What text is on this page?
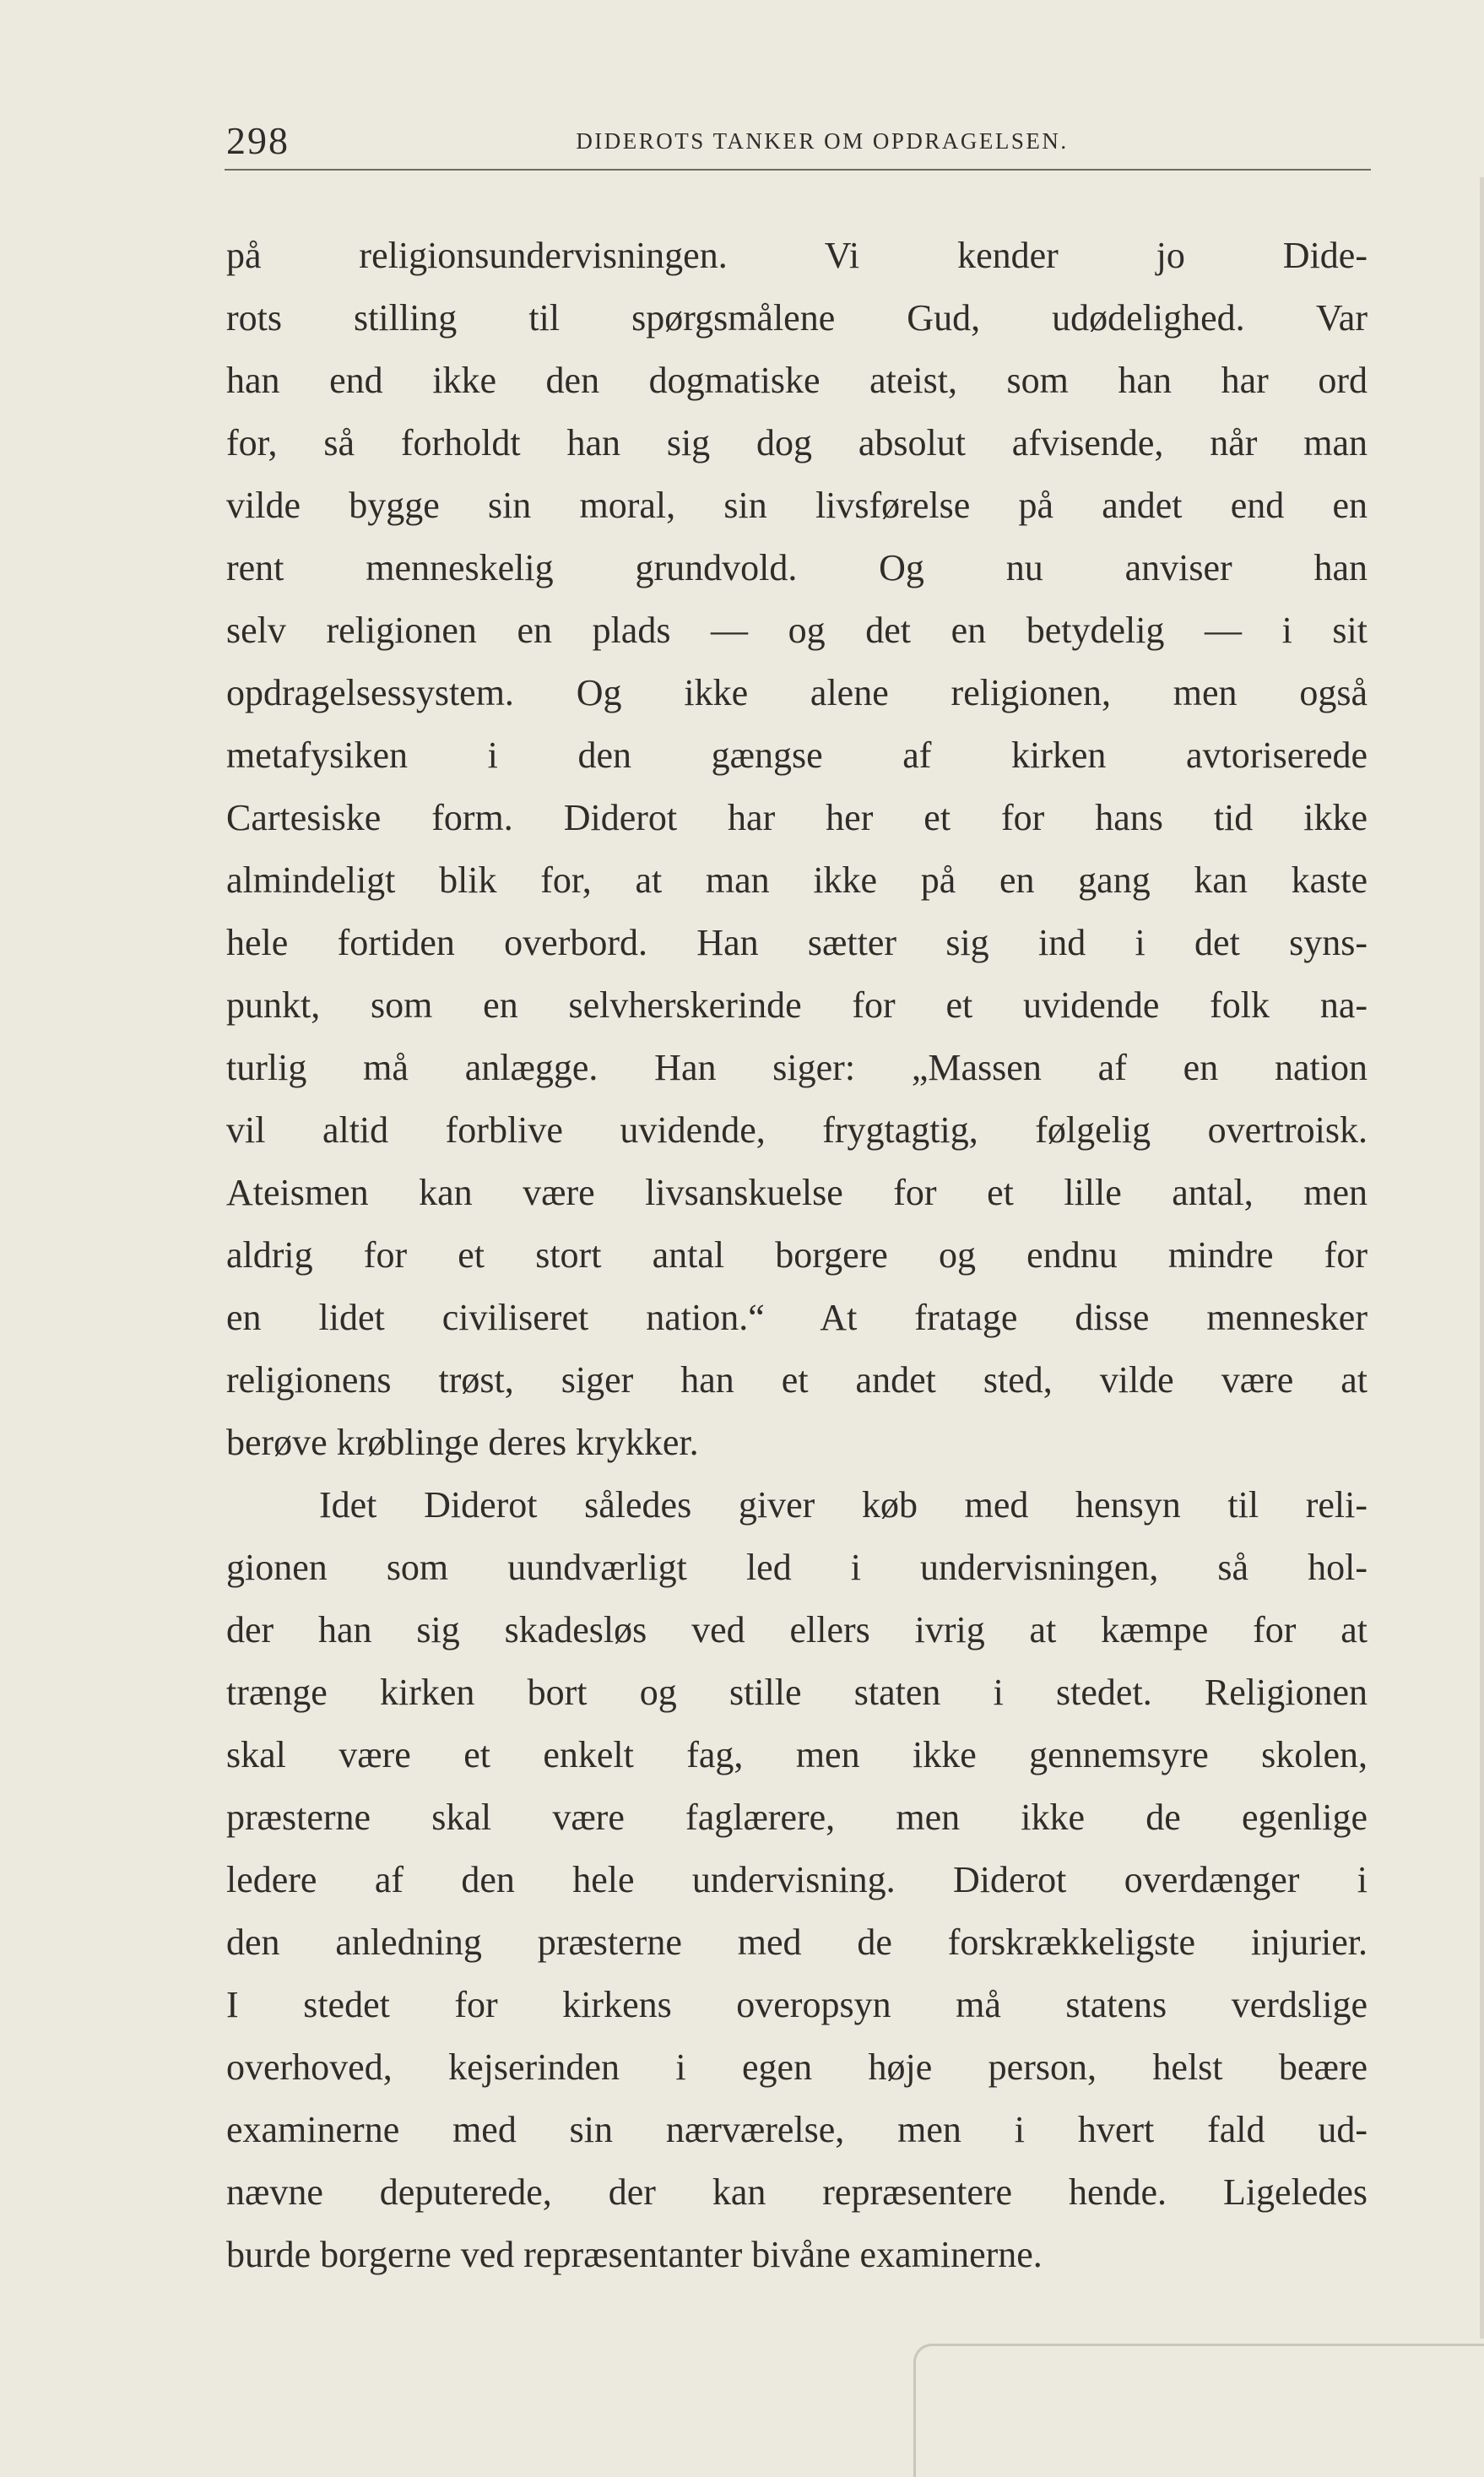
298	DIDEROTS TANKER OM OPDRAGELSEN.
på religionsundervisningen. Vi kender jo Dide-
rots stilling til spørgsmålene Gud, udødelighed. Var
han end ikke den dogmatiske ateist, som han har ord
for, så forholdt han sig dog absolut afvisende, når man
vilde bygge sin moral, sin livsførelse på andet end en
rent menneskelig grundvold. Og nu anviser han
selv religionen en plads — og det en betydelig — i sit
opdragelsessystem. Og ikke alene religionen, men også
metafysiken i den gængse af kirken avtoriserede
Cartesiske form. Diderot har her et for hans tid ikke
almindeligt blik for, at man ikke på en gang kan kaste
hele fortiden overbord. Han sætter sig ind i det syns-
punkt, som en selvherskerinde for et uvidende folk na-
turlig må anlægge. Han siger: „Massen af en nation
vil altid forblive uvidende, frygtagtig, følgelig overtroisk.
Ateismen kan være livsanskuelse for et lille antal, men
aldrig for et stort antal borgere og endnu mindre for
en lidet civiliseret nation.“ At fratage disse mennesker
religionens trøst, siger han et andet sted, vilde være at
berøve krøblinge deres krykker.
Idet Diderot således giver køb med hensyn til reli-
gionen som uundværligt led i undervisningen, så hol-
der han sig skadesløs ved ellers ivrig at kæmpe for at
trænge kirken bort og stille staten i stedet. Religionen
skal være et enkelt fag, men ikke gennemsyre skolen,
præsterne skal være faglærere, men ikke de egenlige
ledere af den hele undervisning. Diderot overdænger i
den anledning præsterne med de forskrækkeligste injurier.
I stedet for kirkens overopsyn må statens verdslige
overhoved, kejserinden i egen høje person, helst beære
examinerne med sin nærværelse, men i hvert fald ud-
nævne deputerede, der kan repræsentere hende. Ligeledes
burde borgerne ved repræsentanter bivåne examinerne.
